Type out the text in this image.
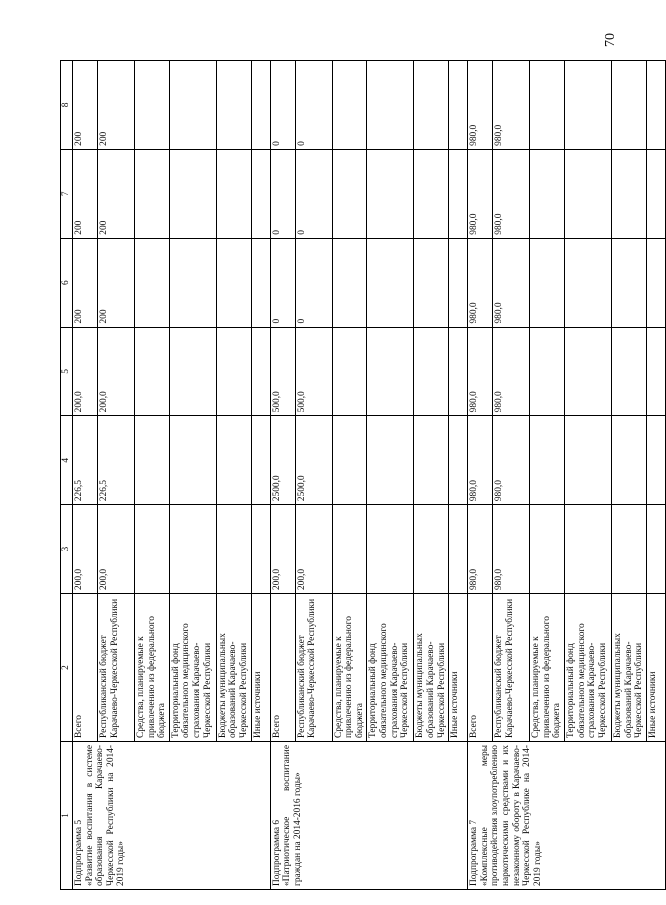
70
1	2	3	4	5	6	7	8

Подпрограмма 5 «Развитие воспитания в системе образования Карачаево-Черкесской Республики на 2014-2019 годы»	Всего	200,0	226,5	200,0	200	200	200
	Республиканский бюджет Карачаево-Черкесской Республики	200,0	226,5	200,0	200	200	200
	Средства, планируемые к привлечению из федерального бюджета						
	Территориальный фонд обязательного медицинского страхования Карачаево-Черкесской Республики						
	Бюджеты муниципальных образований Карачаево-Черкесской Республики						
	Иные источники						

Подпрограмма 6 «Патриотическое воспитание граждан на 2014-2016 годы»	Всего	200,0	2500,0	500,0	0	0	0
	Республиканский бюджет Карачаево-Черкесской Республики	200,0	2500,0	500,0	0	0	0
	Средства, планируемые к привлечению из федерального бюджета						
	Территориальный фонд обязательного медицинского страхования Карачаево-Черкесской Республики						
	Бюджеты муниципальных образований Карачаево-Черкесской Республики						
	Иные источники						

Подпрограмма 7 «Комплексные меры противодействия злоупотреблению наркотическими средствами и их незаконному обороту в Карачаево-Черкесской Республике на 2014-2019 годы»	Всего	980,0	980,0	980,0	980,0	980,0	980,0
	Республиканский бюджет Карачаево-Черкесской Республики	980,0	980,0	980,0	980,0	980,0	980,0
	Средства, планируемые к привлечению из федерального бюджета						
	Территориальный фонд обязательного медицинского страхования Карачаево-Черкесской Республики						
	Бюджеты муниципальных образований Карачаево-Черкесской Республики						
	Иные источники						
